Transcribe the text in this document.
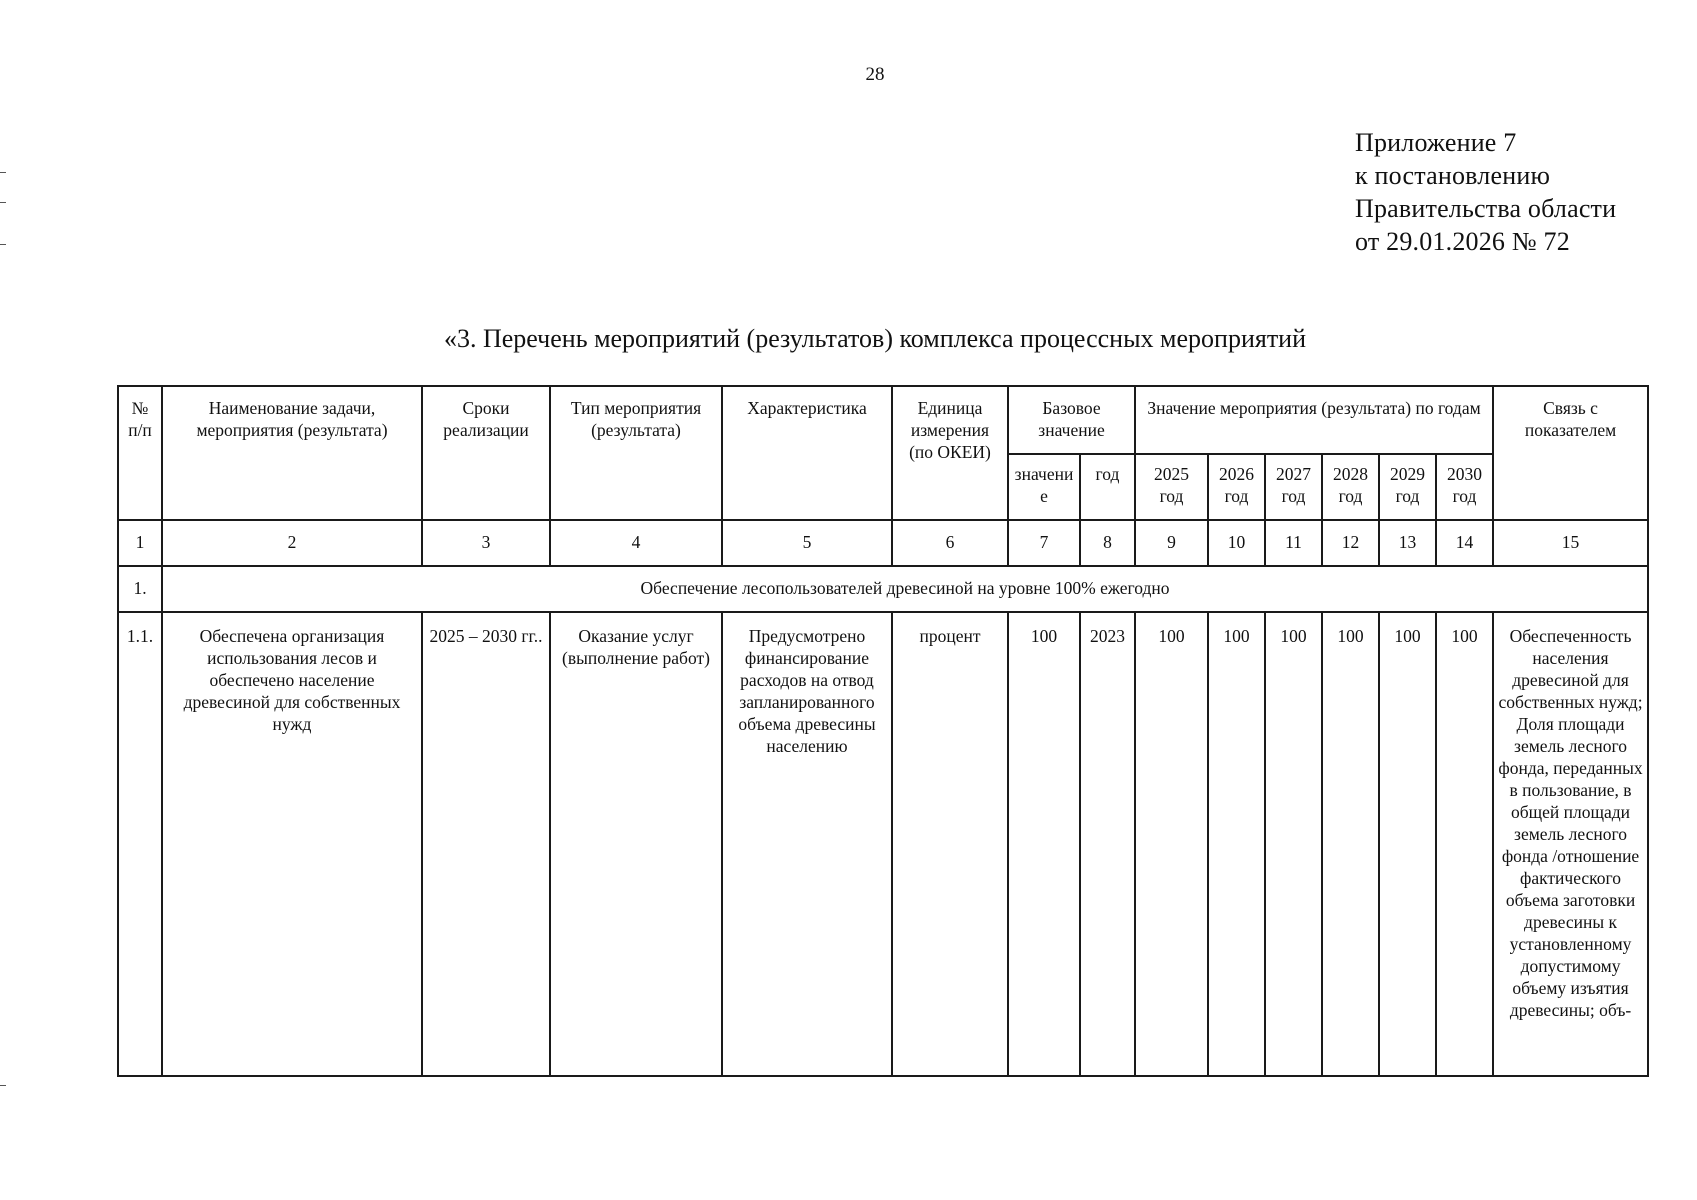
28
Приложение 7
к постановлению
Правительства области
от 29.01.2026 № 72
«3. Перечень мероприятий (результатов) комплекса процессных мероприятий
№ п/п	Наименование задачи, мероприятия (результата)	Сроки реализации	Тип мероприятия (результата)	Характеристика	Единица измерения (по ОКЕИ)	Базовое значение		Значение мероприятия (результата) по годам						Связь с показателем
						значение	год	2025 год	2026 год	2027 год	2028 год	2029 год	2030 год	
1	2	3	4	5	6	7	8	9	10	11	12	13	14	15
1.	Обеспечение лесопользователей древесиной на уровне 100% ежегодно													
1.1.	Обеспечена организация использования лесов и обеспечено население древесиной для собственных нужд	2025 – 2030 гг..	Оказание услуг (выполнение работ)	Предусмотрено финансирование расходов на отвод запланированного объема древесины населению	процент	100	2023	100	100	100	100	100	100	Обеспеченность населения древесиной для собственных нужд; Доля площади земель лесного фонда, переданных в пользование, в общей площади земель лесного фонда /отношение фактического объема заготовки древесины к установленному допустимому объему изъятия древесины; объ-
